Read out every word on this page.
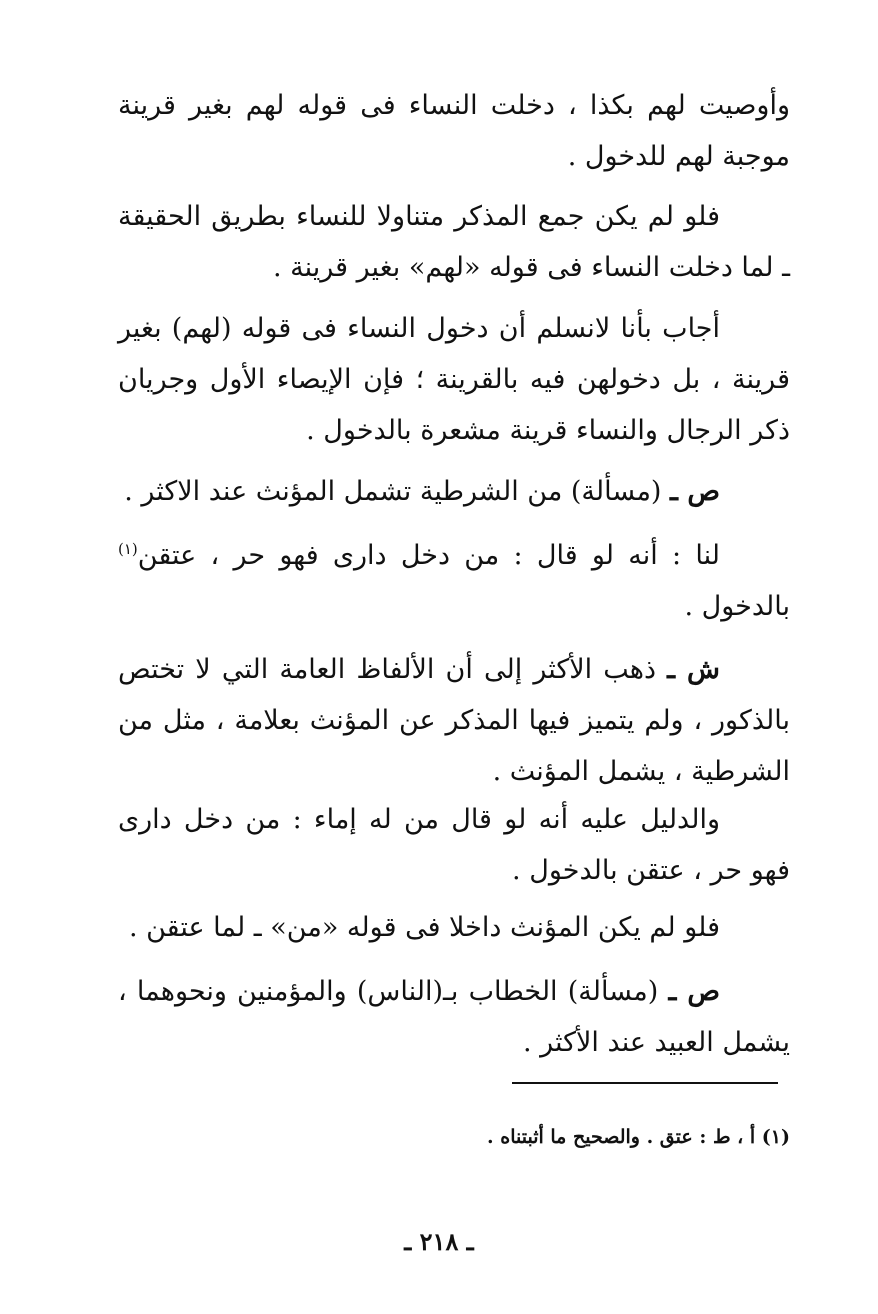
وأوصيت لهم بكذا ، دخلت النساء فى قوله لهم بغير قرينة موجبة لهم للدخول .

فلو لم يكن جمع المذكر متناولا للنساء بطريق الحقيقة ـ لما دخلت النساء فى قوله «لهم» بغير قرينة .

أجاب بأنا لانسلم أن دخول النساء فى قوله (لهم) بغير قرينة ، بل دخولهن فيه بالقرينة ؛ فإن الإيصاء الأول وجريان ذكر الرجال والنساء قرينة مشعرة بالدخول .

ص ـ (مسألة) من الشرطية تشمل المؤنث عند الاكثر .

لنا : أنه لو قال : من دخل دارى فهو حر ، عتقن$^{(١)}$ بالدخول .

ش ـ ذهب الأكثر إلى أن الألفاظ العامة التي لا تختص بالذكور ، ولم يتميز فيها المذكر عن المؤنث بعلامة ، مثل من الشرطية ، يشمل المؤنث .

والدليل عليه أنه لو قال من له إماء : من دخل دارى فهو حر ، عتقن بالدخول .

فلو لم يكن المؤنث داخلا فى قوله «من» ـ لما عتقن .

ص ـ (مسألة) الخطاب بـ(الناس) والمؤمنين ونحوهما ، يشمل العبيد عند الأكثر .

(١) أ ، ط : عتق . والصحيح ما أثبتناه .
ـ ٢١٨ ـ
